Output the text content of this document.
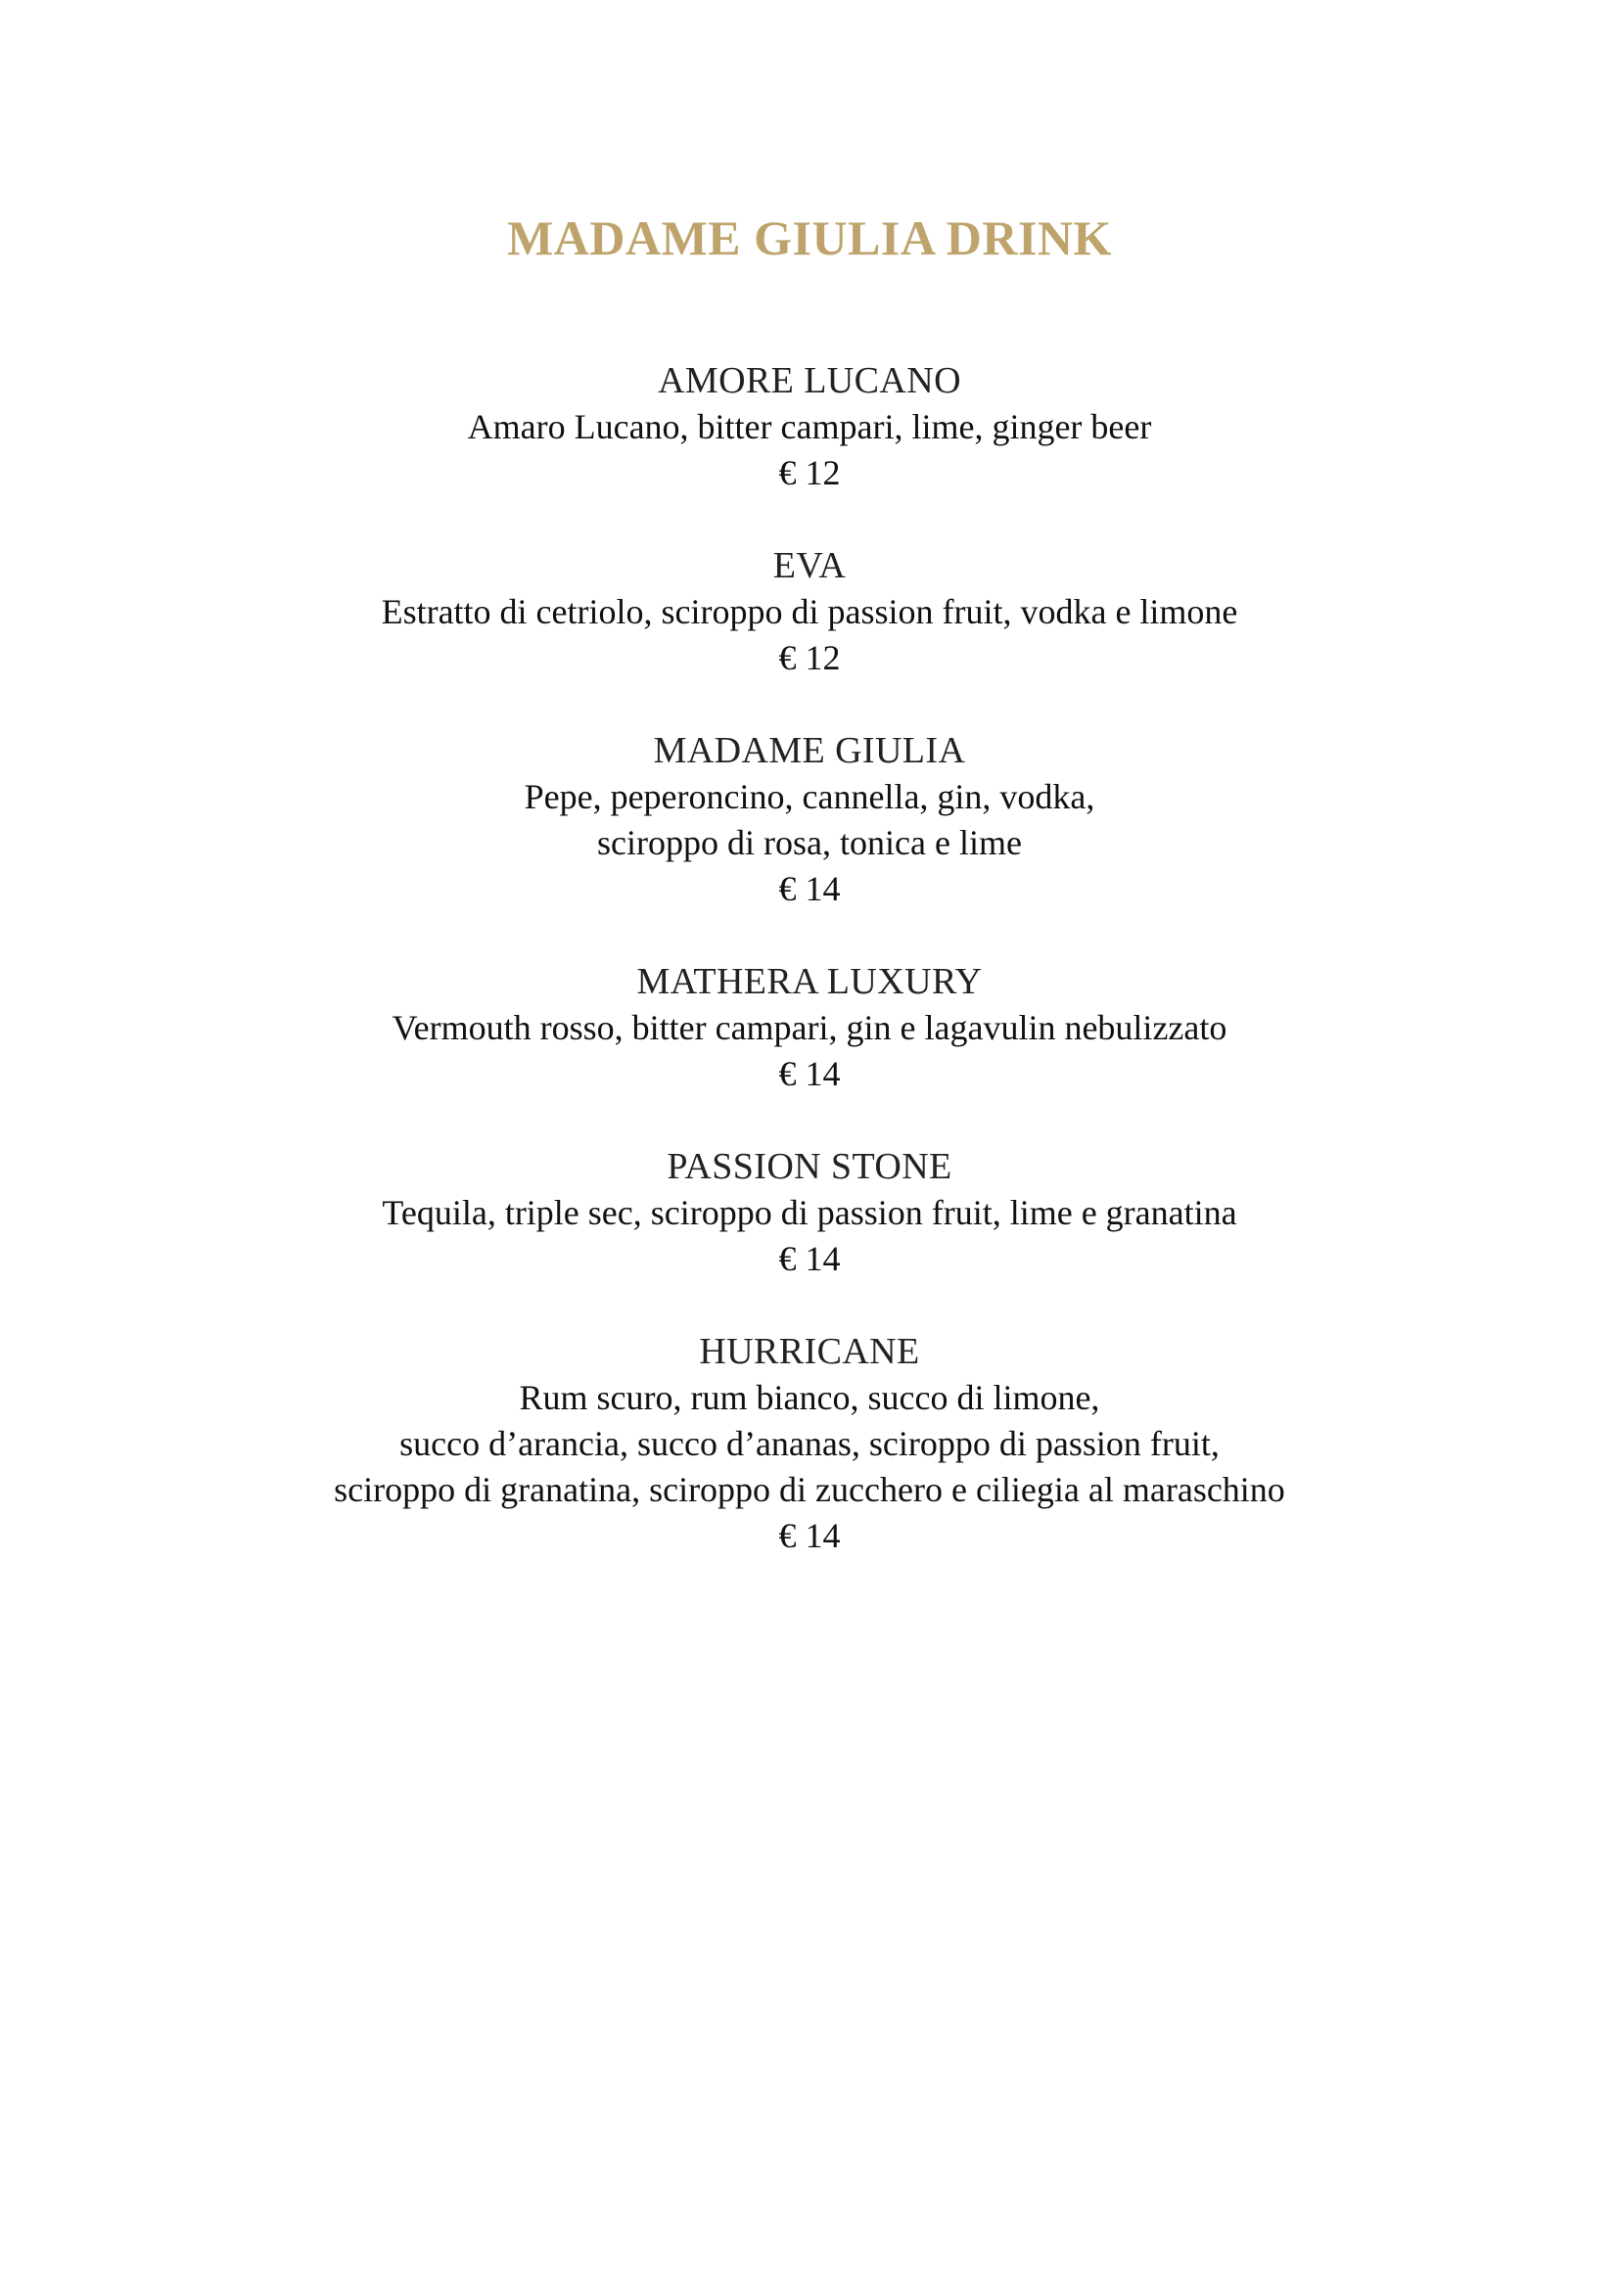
MADAME GIULIA DRINK
AMORE LUCANO
Amaro Lucano, bitter campari, lime, ginger beer
€ 12
EVA
Estratto di cetriolo, sciroppo di passion fruit, vodka e limone
€ 12
MADAME GIULIA
Pepe, peperoncino, cannella, gin, vodka,
sciroppo di rosa, tonica e lime
€ 14
MATHERA LUXURY
Vermouth rosso, bitter campari, gin e lagavulin nebulizzato
€ 14
PASSION STONE
Tequila, triple sec, sciroppo di passion fruit, lime e granatina
€ 14
HURRICANE
Rum scuro, rum bianco, succo di limone,
succo d’arancia, succo d’ananas, sciroppo di passion fruit,
sciroppo di granatina, sciroppo di zucchero e ciliegia al maraschino
€ 14
